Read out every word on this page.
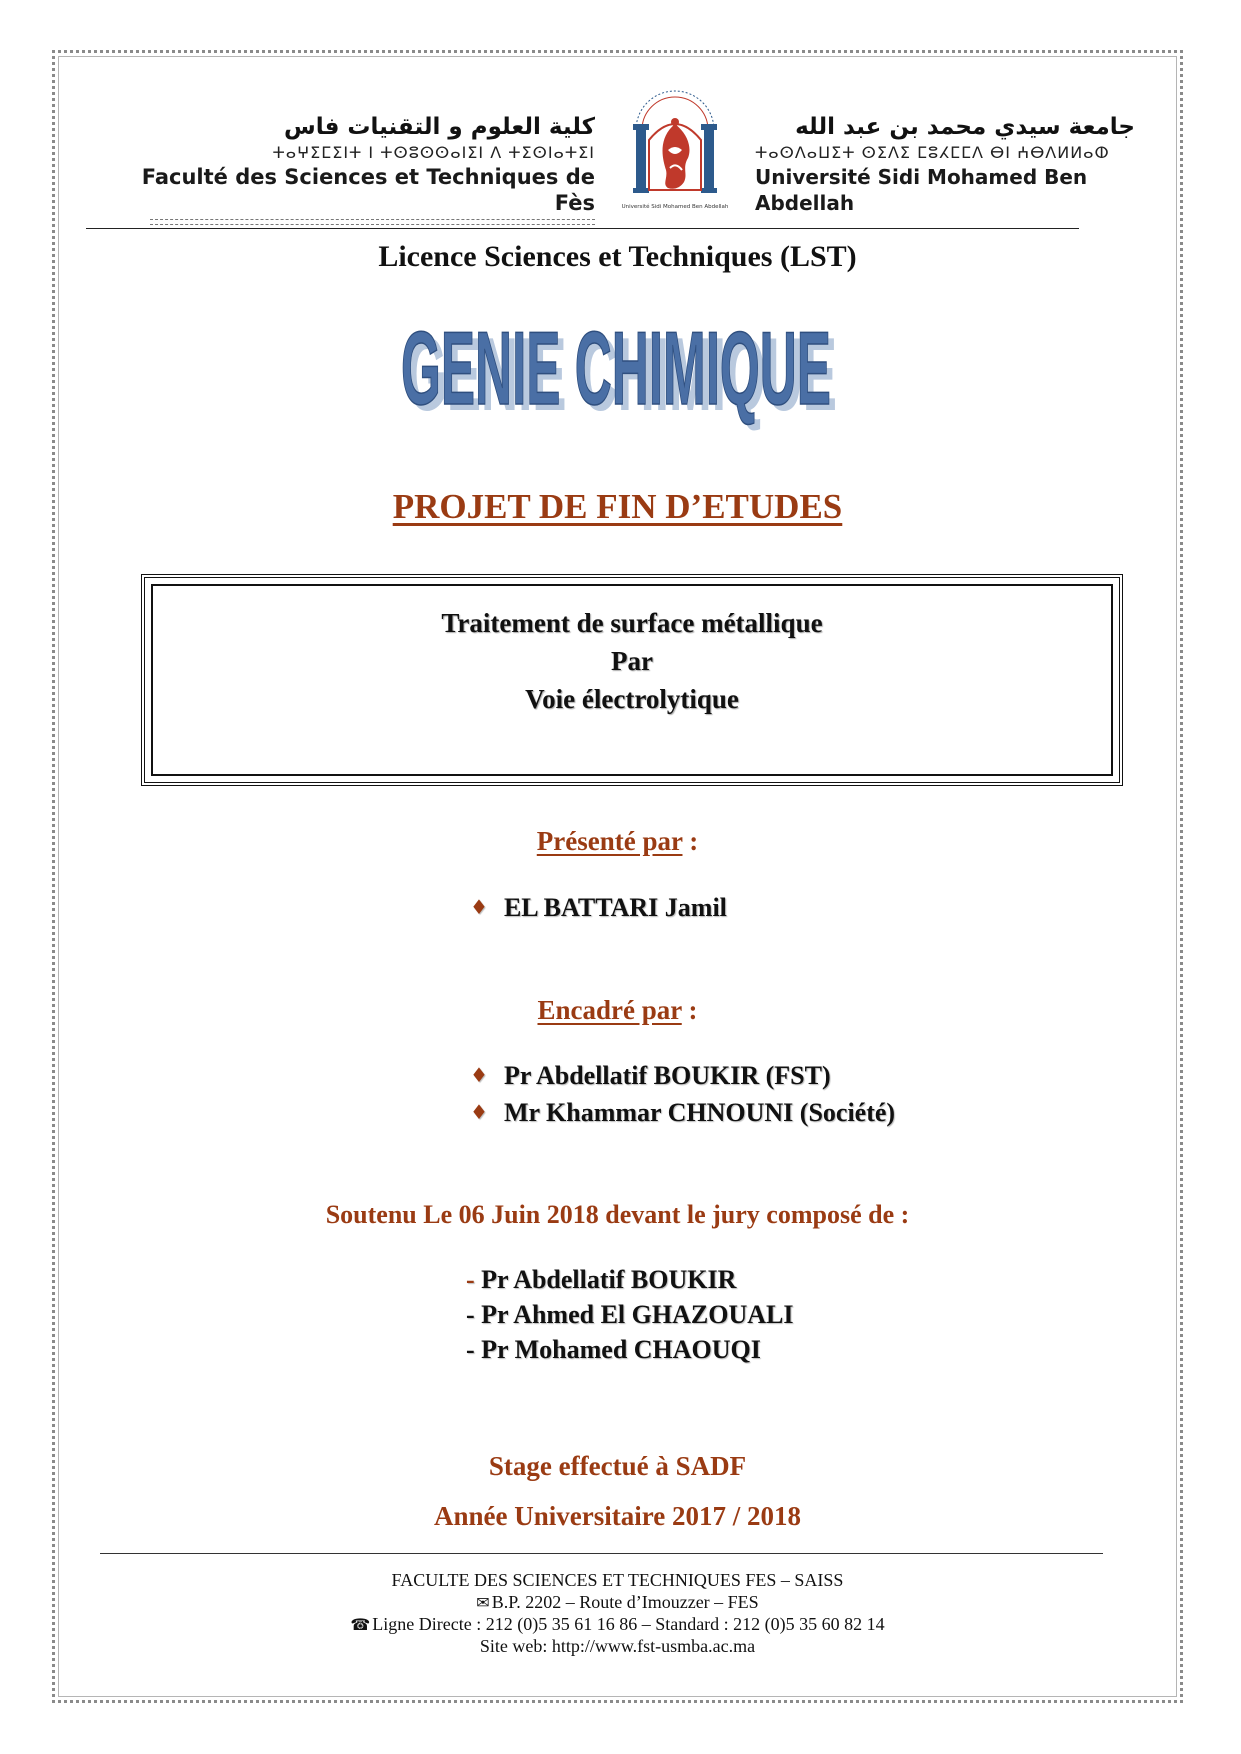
كلية العلوم و التقنيات فاس
ⵜⴰⵖⵉⵎⵉⵏⵜ ⵏ ⵜⵙⵓⵙⵙⴰⵏⵉⵏ ⴷ ⵜⵉⵙⵏⴰⵜⵉⵏ
Faculté des Sciences et Techniques de Fès	Université Sidi Mohamed Ben Abdellah
جامعة سيدي محمد بن عبد الله
ⵜⴰⵙⴷⴰⵡⵉⵜ ⵙⵉⴷⵉ ⵎⵓⵃⵎⵎⴷ ⴱⵏ ⵄⴱⴷⵍⵍⴰⵀ
Université Sidi Mohamed Ben Abdellah
Licence Sciences et Techniques (LST)
GENIE CHIMIQUE
GENIE CHIMIQUE
PROJET DE FIN D’ETUDES
Traitement de surface métallique
Par
Voie électrolytique
Présenté par :
♦ EL BATTARI Jamil
Encadré par :
♦ Pr Abdellatif BOUKIR (FST)
♦ Mr Khammar CHNOUNI (Société)
Soutenu Le 06 Juin 2018 devant le jury composé de :
- Pr Abdellatif BOUKIR
- Pr Ahmed El GHAZOUALI
- Pr Mohamed CHAOUQI
Stage effectué à SADF
Année Universitaire 2017 / 2018
FACULTE DES SCIENCES ET TECHNIQUES FES – SAISS
✉ B.P. 2202 – Route d’Imouzzer – FES
☎ Ligne Directe : 212 (0)5 35 61 16 86 – Standard : 212 (0)5 35 60 82 14
Site web: http://www.fst-usmba.ac.ma
